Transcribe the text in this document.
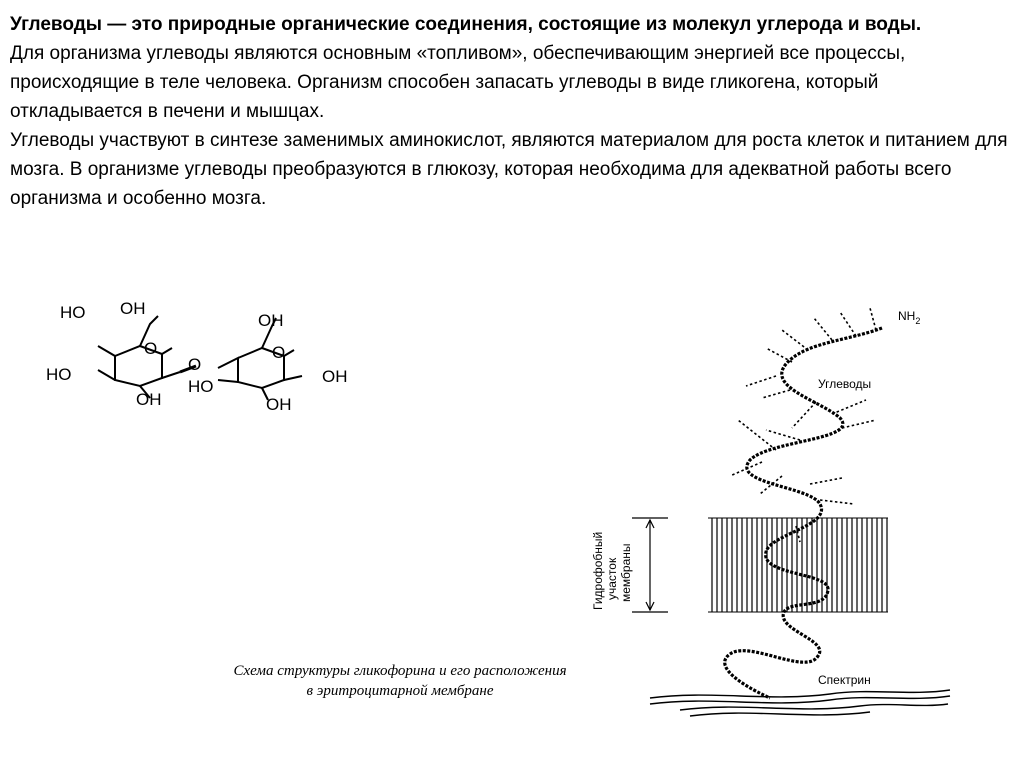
Углеводы — это природные органические соединения, состоящие из молекул углерода и воды.

Для организма углеводы являются основным «топливом», обеспечивающим энергией все процессы, происходящие в теле человека. Организм способен запасать углеводы в виде гликогена, который откладывается в печени и мышцах.

Углеводы участвуют в синтезе заменимых аминокислот, являются материалом для роста клеток и питанием для мозга. В организме углеводы преобразуются в глюкозу, которая необходима для адекватной работы всего организма и особенно мозга.

HO OH
HO
O
OH
O
OH
HO
O
OH
OH
Гидрофобный участок мембраны
Спектрин
Углеводы
$NH_2$
Схема структуры гликофорина и его расположения
в эритроцитарной мембране
